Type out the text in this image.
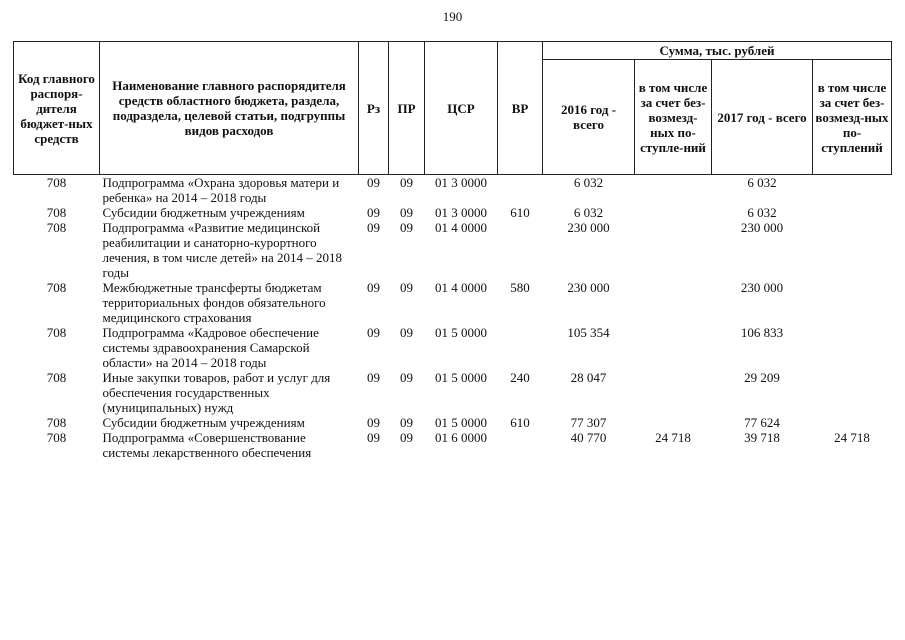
190
Код главного распоря-дителя бюджет-ных средств	Наименование главного распорядителя средств областного бюджета, раздела, подраздела, целевой статьи, подгруппы видов расходов	Рз	ПР	ЦСР	ВР	Сумма, тыс. рублей			
						2016 год - всего	в том числе за счет без-возмезд-ных по-ступле-ний	2017 год - всего	в том числе за счет без-возмезд-ных по-ступлений
708	Подпрограмма «Охрана здоровья матери и ребенка» на 2014 – 2018 годы	09	09	01 3 0000		6 032		6 032	
708	Субсидии бюджетным учреждениям	09	09	01 3 0000	610	6 032		6 032	
708	Подпрограмма «Развитие медицинской реабилитации и санаторно-курортного лечения, в том числе детей» на 2014 – 2018 годы	09	09	01 4 0000		230 000		230 000	
708	Межбюджетные трансферты бюджетам территориальных фондов обязательного медицинского страхования	09	09	01 4 0000	580	230 000		230 000	
708	Подпрограмма «Кадровое обеспечение системы здравоохранения Самарской области» на 2014 – 2018 годы	09	09	01 5 0000		105 354		106 833	
708	Иные закупки товаров, работ и услуг для обеспечения государственных (муниципальных) нужд	09	09	01 5 0000	240	28 047		29 209	
708	Субсидии бюджетным учреждениям	09	09	01 5 0000	610	77 307		77 624	
708	Подпрограмма «Совершенствование системы лекарственного обеспечения	09	09	01 6 0000		40 770	24 718	39 718	24 718
